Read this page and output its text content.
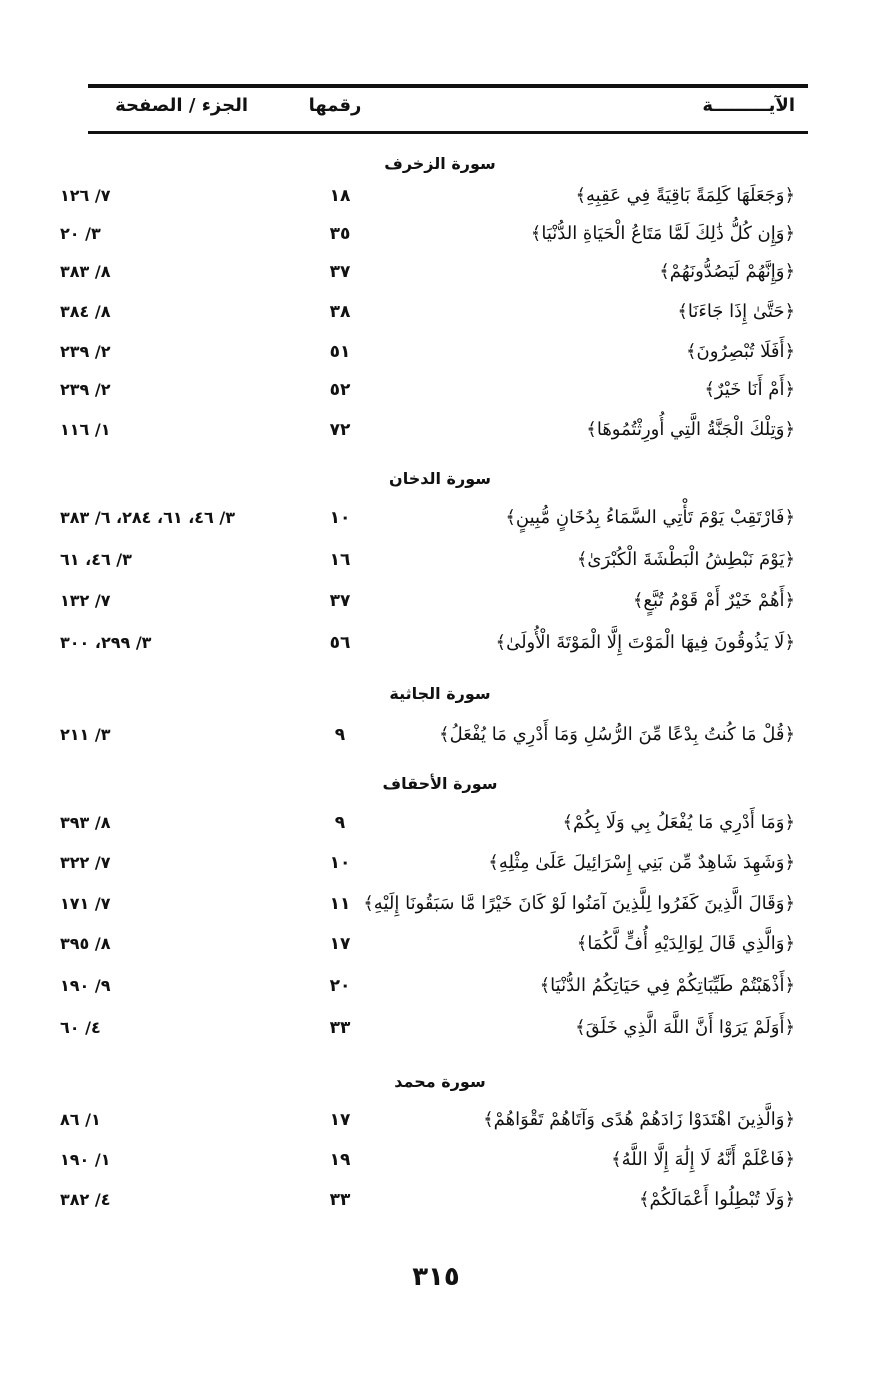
الآيـــــــــة
رقمها
الجزء / الصفحة
سورة الزخرف
﴿وَجَعَلَهَا كَلِمَةً بَاقِيَةً فِي عَقِبِهِ﴾
١٨
٧/ ١٢٦
﴿وَإِن كُلُّ ذَٰلِكَ لَمَّا مَتَاعُ الْحَيَاةِ الدُّنْيَا﴾
٣٥
٣/ ٢٠
﴿وَإِنَّهُمْ لَيَصُدُّونَهُمْ﴾
٣٧
٨/ ٣٨٣
﴿حَتَّىٰ إِذَا جَاءَنَا﴾
٣٨
٨/ ٣٨٤
﴿أَفَلَا تُبْصِرُونَ﴾
٥١
٢/ ٢٣٩
﴿أَمْ أَنَا خَيْرٌ﴾
٥٢
٢/ ٢٣٩
﴿وَتِلْكَ الْجَنَّةُ الَّتِي أُورِثْتُمُوهَا﴾
٧٢
١/ ١١٦
سورة الدخان
﴿فَارْتَقِبْ يَوْمَ تَأْتِي السَّمَاءُ بِدُخَانٍ مُّبِينٍ﴾
١٠
٣/ ٤٦، ٦١، ٢٨٤، ٦/ ٣٨٣
﴿يَوْمَ نَبْطِشُ الْبَطْشَةَ الْكُبْرَىٰ﴾
١٦
٣/ ٤٦، ٦١
﴿أَهُمْ خَيْرٌ أَمْ قَوْمُ تُبَّعٍ﴾
٣٧
٧/ ١٣٢
﴿لَا يَذُوقُونَ فِيهَا الْمَوْتَ إِلَّا الْمَوْتَةَ الْأُولَىٰ﴾
٥٦
٣/ ٢٩٩، ٣٠٠
سورة الجاثية
﴿قُلْ مَا كُنتُ بِدْعًا مِّنَ الرُّسُلِ وَمَا أَدْرِي مَا يُفْعَلُ﴾
٩
٣/ ٢١١
سورة الأحقاف
﴿وَمَا أَدْرِي مَا يُفْعَلُ بِي وَلَا بِكُمْ﴾
٩
٨/ ٣٩٣
﴿وَشَهِدَ شَاهِدٌ مِّن بَنِي إِسْرَائِيلَ عَلَىٰ مِثْلِهِ﴾
١٠
٧/ ٣٢٢
﴿وَقَالَ الَّذِينَ كَفَرُوا لِلَّذِينَ آمَنُوا لَوْ كَانَ خَيْرًا مَّا سَبَقُونَا إِلَيْهِ﴾
١١
٧/ ١٧١
﴿وَالَّذِي قَالَ لِوَالِدَيْهِ أُفٍّ لَّكُمَا﴾
١٧
٨/ ٣٩٥
﴿أَذْهَبْتُمْ طَيِّبَاتِكُمْ فِي حَيَاتِكُمُ الدُّنْيَا﴾
٢٠
٩/ ١٩٠
﴿أَوَلَمْ يَرَوْا أَنَّ اللَّهَ الَّذِي خَلَقَ﴾
٣٣
٤/ ٦٠
سورة محمد
﴿وَالَّذِينَ اهْتَدَوْا زَادَهُمْ هُدًى وَآتَاهُمْ تَقْوَاهُمْ﴾
١٧
١/ ٨٦
﴿فَاعْلَمْ أَنَّهُ لَا إِلَٰهَ إِلَّا اللَّهُ﴾
١٩
١/ ١٩٠
﴿وَلَا تُبْطِلُوا أَعْمَالَكُمْ﴾
٣٣
٤/ ٣٨٢
٣١٥
